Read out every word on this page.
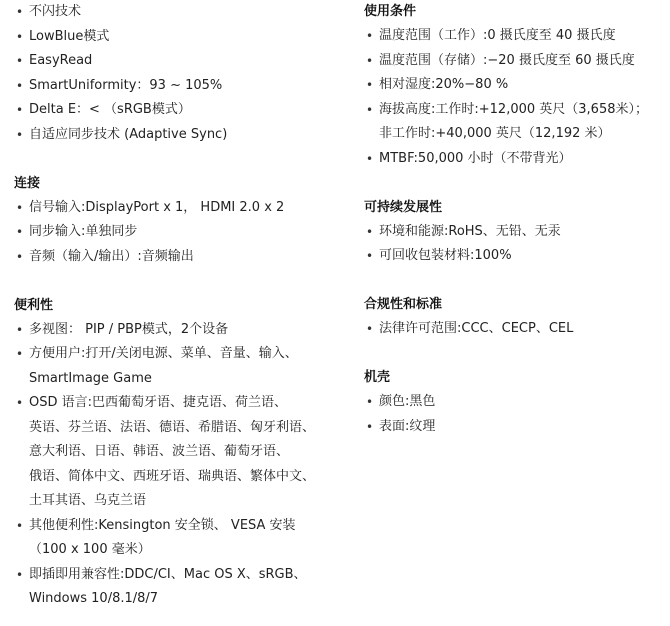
• 不闪技术
• LowBlue模式
• EasyRead
• SmartUniformity：93 ~ 105%
• Delta E：< （sRGB模式）
• 自适应同步技术 (Adaptive Sync)
连接
• 信号输入:DisplayPort x 1， HDMI 2.0 x 2
• 同步输入:单独同步
• 音频（输入/输出）:音频输出
便利性
• 多视图： PIP / PBP模式，2个设备
• 方便用户:打开/关闭电源、菜单、音量、输入、
SmartImage Game
• OSD 语言:巴西葡萄牙语、捷克语、荷兰语、
英语、芬兰语、法语、德语、希腊语、匈牙利语、
意大利语、日语、韩语、波兰语、葡萄牙语、
俄语、简体中文、西班牙语、瑞典语、繁体中文、
土耳其语、乌克兰语
• 其他便利性:Kensington 安全锁、 VESA 安装
（100 x 100 毫米）
• 即插即用兼容性:DDC/CI、Mac OS X、sRGB、
Windows 10/8.1/8/7
使用条件
• 温度范围（工作）:0 摄氏度至 40 摄氏度
• 温度范围（存储）:−20 摄氏度至 60 摄氏度
• 相对湿度:20%−80 %
• 海拔高度:工作时:+12,000 英尺（3,658米）；
非工作时:+40,000 英尺（12,192 米）
• MTBF:50,000 小时（不带背光）
可持续发展性
• 环境和能源:RoHS、无铅、无汞
• 可回收包装材料:100%
合规性和标准
• 法律许可范围:CCC、CECP、CEL
机壳
• 颜色:黑色
• 表面:纹理
